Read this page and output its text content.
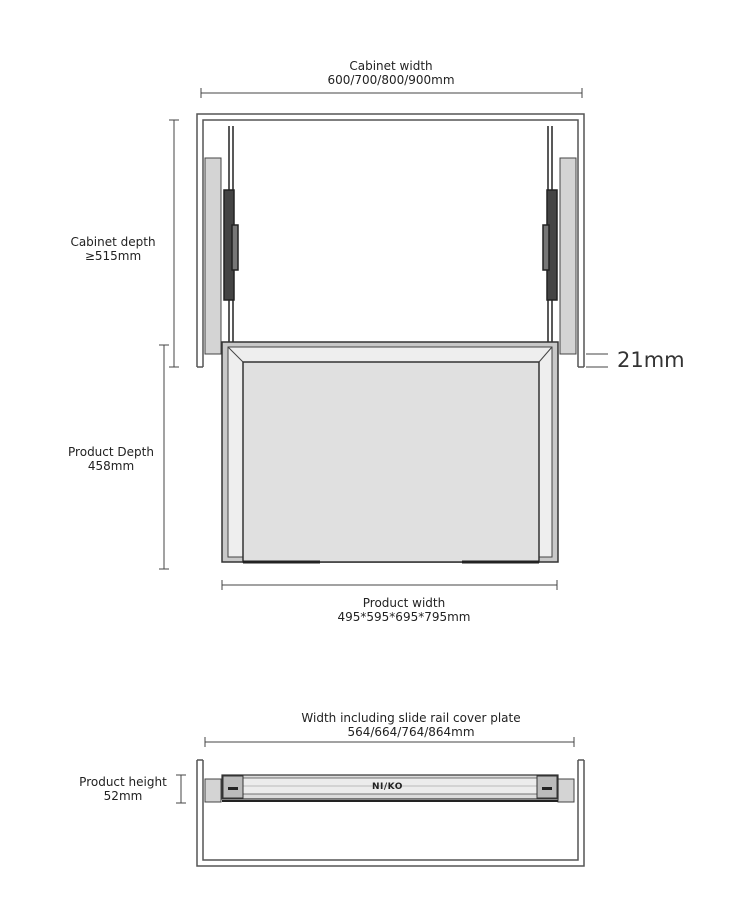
NI/KO
Cabinet width
600/700/800/900mm
Cabinet depth
≥515mm
21mm
Product Depth
458mm
Product width
495*595*695*795mm
Width including slide rail cover plate
564/664/764/864mm
Product height
52mm
